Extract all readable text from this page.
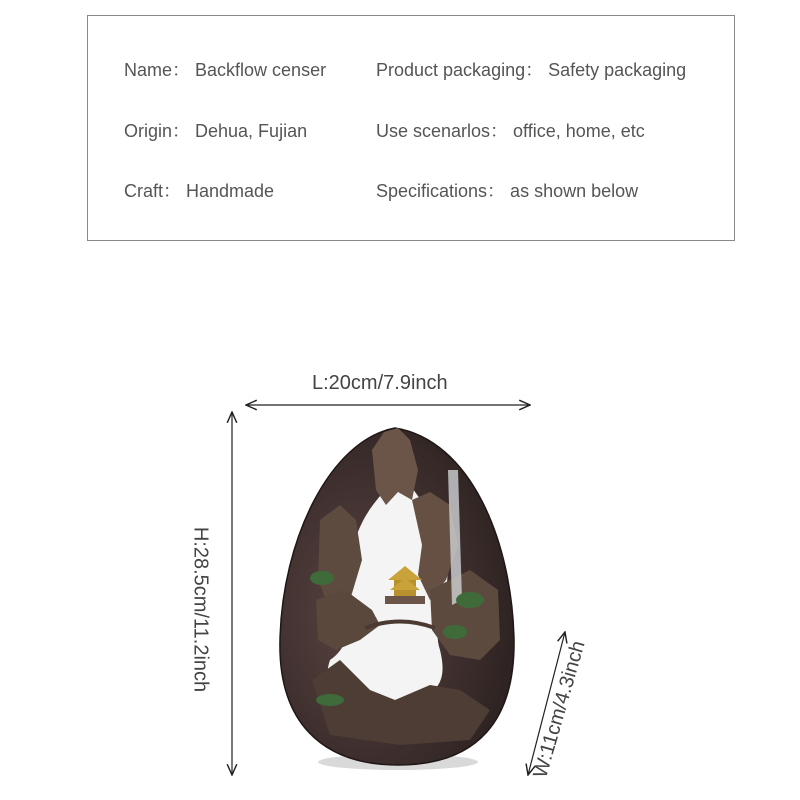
Name： Backflow censer	Product packaging： Safety packaging
Origin： Dehua, Fujian	Use scenarlos： office, home, etc
Craft： Handmade	Specifications： as shown below
L:20cm/7.9inch
H:28.5cm/11.2inch
W:11cm/4.3inch
